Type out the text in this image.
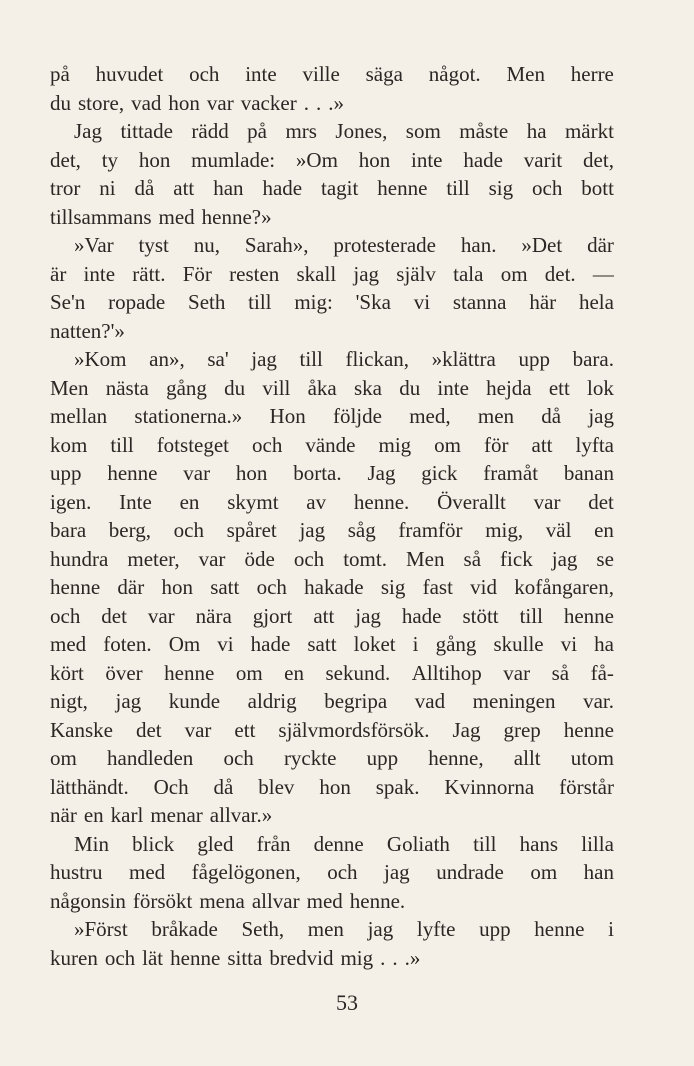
på huvudet och inte ville säga något. Men herre
du store, vad hon var vacker . . .»
Jag tittade rädd på mrs Jones, som måste ha märkt
det, ty hon mumlade: »Om hon inte hade varit det,
tror ni då att han hade tagit henne till sig och bott
tillsammans med henne?»
»Var tyst nu, Sarah», protesterade han. »Det där
är inte rätt. För resten skall jag själv tala om det. —
Se'n ropade Seth till mig: 'Ska vi stanna här hela
natten?'»
»Kom an», sa' jag till flickan, »klättra upp bara.
Men nästa gång du vill åka ska du inte hejda ett lok
mellan stationerna.» Hon följde med, men då jag
kom till fotsteget och vände mig om för att lyfta
upp henne var hon borta. Jag gick framåt banan
igen. Inte en skymt av henne. Överallt var det
bara berg, och spåret jag såg framför mig, väl en
hundra meter, var öde och tomt. Men så fick jag se
henne där hon satt och hakade sig fast vid kofångaren,
och det var nära gjort att jag hade stött till henne
med foten. Om vi hade satt loket i gång skulle vi ha
kört över henne om en sekund. Alltihop var så få-
nigt, jag kunde aldrig begripa vad meningen var.
Kanske det var ett självmordsförsök. Jag grep henne
om handleden och ryckte upp henne, allt utom
lätthändt. Och då blev hon spak. Kvinnorna förstår
när en karl menar allvar.»
Min blick gled från denne Goliath till hans lilla
hustru med fågelögonen, och jag undrade om han
någonsin försökt mena allvar med henne.
»Först bråkade Seth, men jag lyfte upp henne i
kuren och lät henne sitta bredvid mig . . .»
53
